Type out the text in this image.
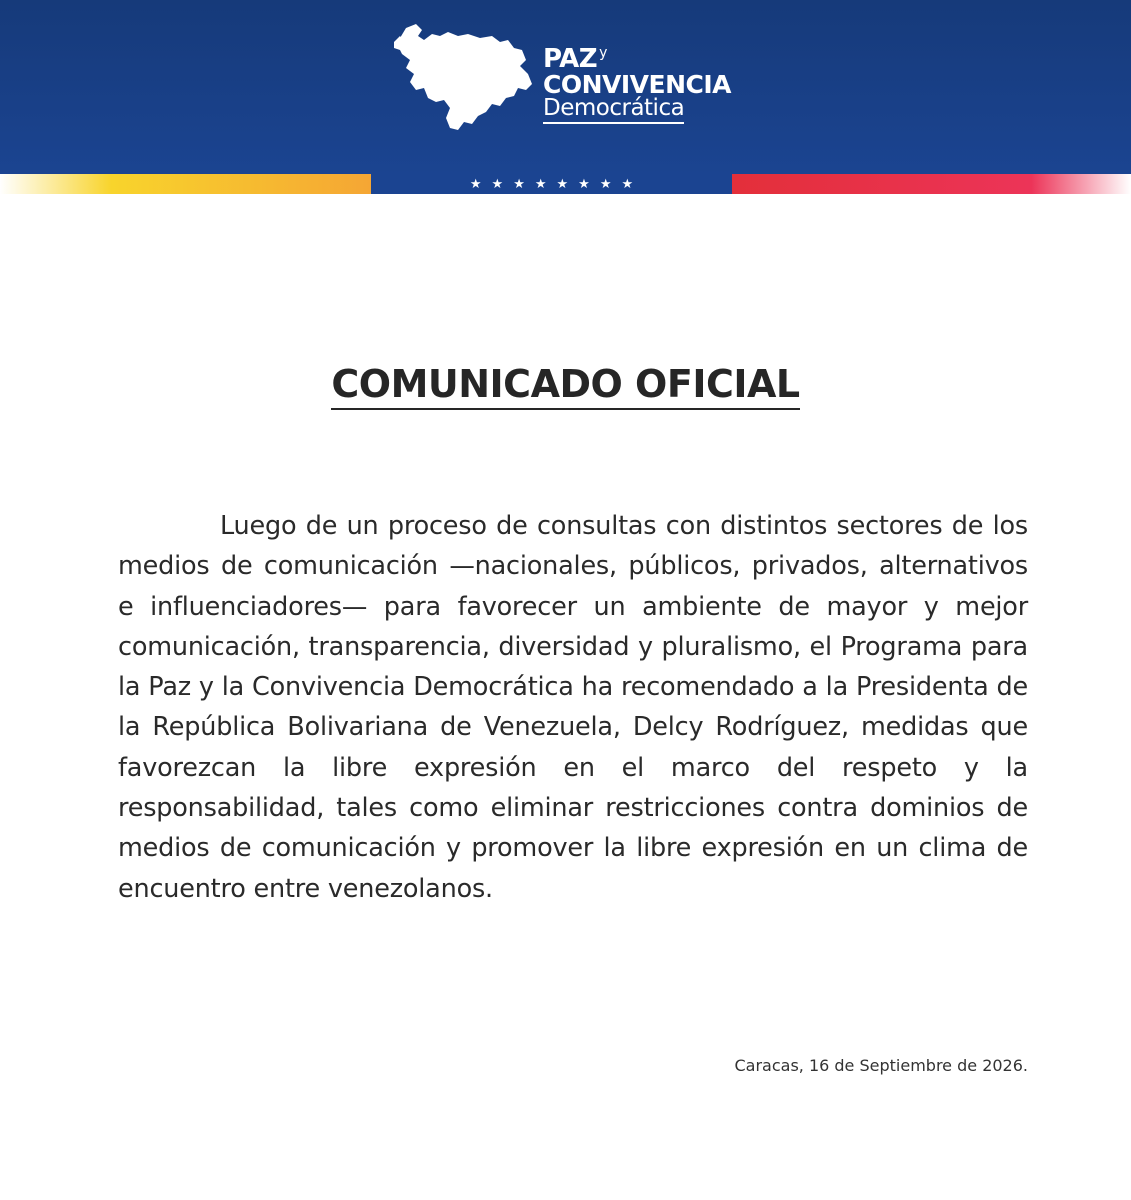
PAZ $^y$
CONVIVENCIA
Democrática
★ ★ ★ ★ ★ ★ ★ ★
COMUNICADO OFICIAL

Luego de un proceso de consultas con distintos sectores de los medios de comunicación —nacionales, públicos, privados, alternativos e influenciadores— para favorecer un ambiente de mayor y mejor comunicación, transparencia, diversidad y pluralismo, el Programa para la Paz y la Convivencia Democrática ha recomendado a la Presidenta de la República Bolivariana de Venezuela, Delcy Rodríguez, medidas que favorezcan la libre expresión en el marco del respeto y la responsabilidad, tales como eliminar restricciones contra dominios de medios de comunicación y promover la libre expresión en un clima de encuentro entre venezolanos.

Caracas, 16 de Septiembre de 2026.
